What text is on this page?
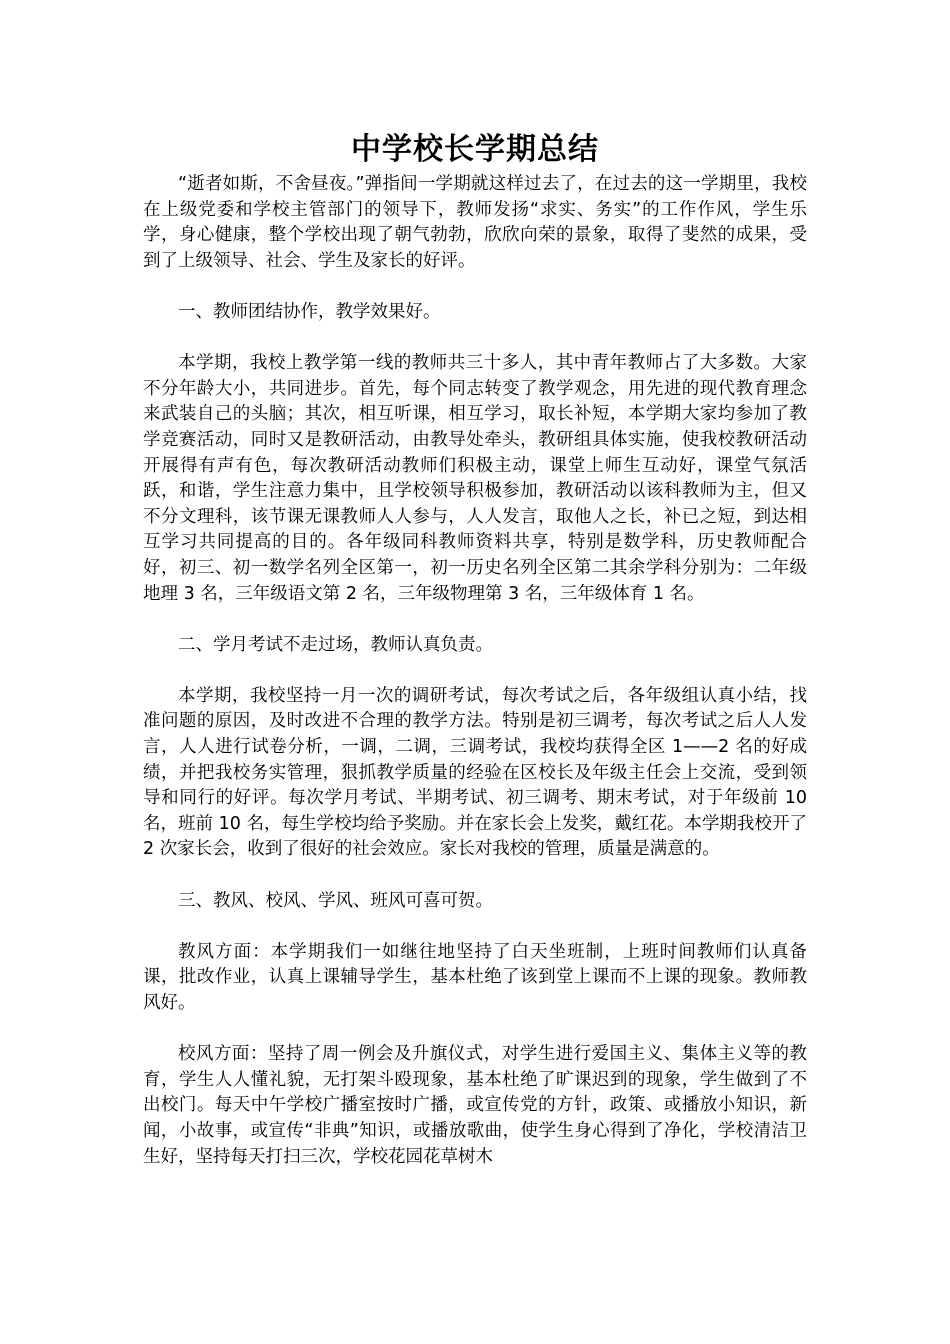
中学校长学期总结

“逝者如斯，不舍昼夜。”弹指间一学期就这样过去了，在过去的这一学期里，我校在上级党委和学校主管部门的领导下，教师发扬“求实、务实”的工作作风，学生乐学，身心健康，整个学校出现了朝气勃勃，欣欣向荣的景象，取得了斐然的成果，受到了上级领导、社会、学生及家长的好评。

一、教师团结协作，教学效果好。

本学期，我校上教学第一线的教师共三十多人，其中青年教师占了大多数。大家不分年龄大小，共同进步。首先，每个同志转变了教学观念，用先进的现代教育理念来武装自己的头脑；其次，相互听课，相互学习，取长补短，本学期大家均参加了教学竞赛活动，同时又是教研活动，由教导处牵头，教研组具体实施，使我校教研活动开展得有声有色，每次教研活动教师们积极主动，课堂上师生互动好，课堂气氛活跃，和谐，学生注意力集中，且学校领导积极参加，教研活动以该科教师为主，但又不分文理科，该节课无课教师人人参与，人人发言，取他人之长，补已之短，到达相互学习共同提高的目的。各年级同科教师资料共享，特别是数学科，历史教师配合好，初三、初一数学名列全区第一，初一历史名列全区第二其余学科分别为：二年级地理 3 名，三年级语文第 2 名，三年级物理第 3 名，三年级体育 1 名。

二、学月考试不走过场，教师认真负责。

本学期，我校坚持一月一次的调研考试，每次考试之后，各年级组认真小结，找准问题的原因，及时改进不合理的教学方法。特别是初三调考，每次考试之后人人发言，人人进行试卷分析，一调，二调，三调考试，我校均获得全区 1——2 名的好成绩，并把我校务实管理，狠抓教学质量的经验在区校长及年级主任会上交流，受到领导和同行的好评。每次学月考试、半期考试、初三调考、期末考试，对于年级前 10 名，班前 10 名，每生学校均给予奖励。并在家长会上发奖，戴红花。本学期我校开了 2 次家长会，收到了很好的社会效应。家长对我校的管理，质量是满意的。

三、教风、校风、学风、班风可喜可贺。

教风方面：本学期我们一如继往地坚持了白天坐班制，上班时间教师们认真备课，批改作业，认真上课辅导学生，基本杜绝了该到堂上课而不上课的现象。教师教风好。

校风方面：坚持了周一例会及升旗仪式，对学生进行爱国主义、集体主义等的教育，学生人人懂礼貌，无打架斗殴现象，基本杜绝了旷课迟到的现象，学生做到了不出校门。每天中午学校广播室按时广播，或宣传党的方针，政策、或播放小知识，新闻，小故事，或宣传“非典”知识，或播放歌曲，使学生身心得到了净化，学校清洁卫生好，坚持每天打扫三次，学校花园花草树木
